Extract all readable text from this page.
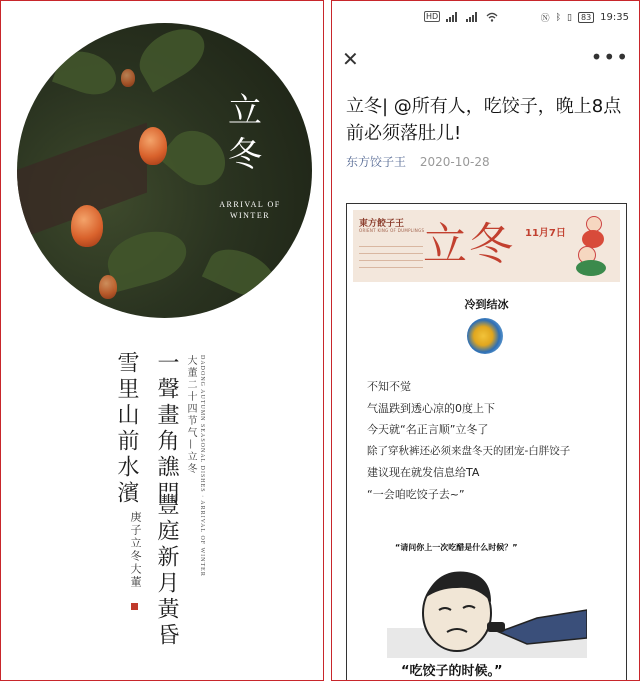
立冬
ARRIVAL OF WINTER
DADONG AUTUMN SEASONAL DISHES · ARRIVAL OF WINTER
大董二十四节气—立冬
一聲畫角譙門
豐庭新月黃昏
雪里山前水濱
庚子立冬大董
HD	Ⓝ ᛒ ▯	83 19:35
✕	•••
立冬| @所有人，吃饺子，晚上8点前必须落肚儿!
东方饺子王 2020-10-28
東方餃子王
ORIENT KING OF DUMPLINGS
立冬 11月7日
冷到结冰
不知不觉
气温跌到透心凉的0度上下
今天就“名正言顺”立冬了
除了穿秋裤还必须来盘冬天的团宠-白胖饺子
建议现在就发信息给TA
“一会咱吃饺子去~”
“请问你上一次吃醋是什么时候？”
“吃饺子的时候。”
